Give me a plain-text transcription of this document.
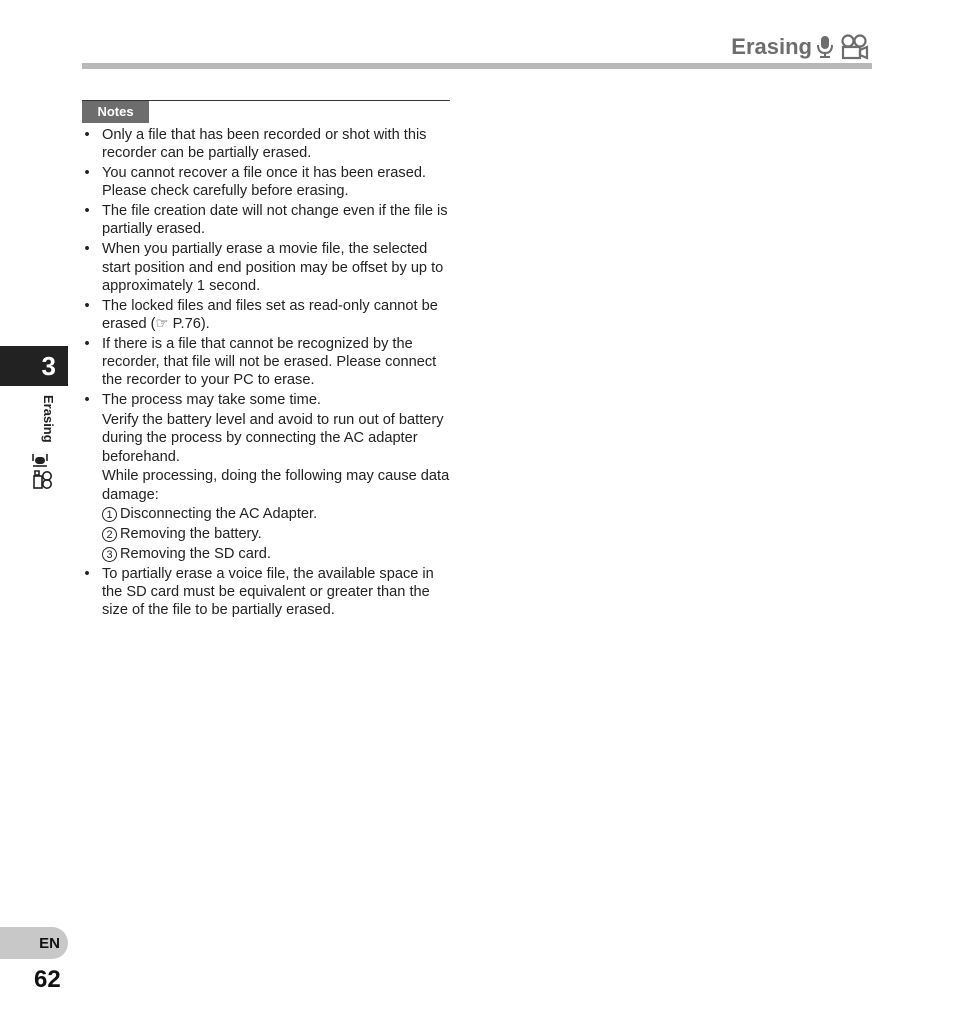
Erasing
Notes
• Only a file that has been recorded or shot with this recorder can be partially erased.
• You cannot recover a file once it has been erased. Please check carefully before erasing.
• The file creation date will not change even if the file is partially erased.
• When you partially erase a movie file, the selected start position and end position may be offset by up to approximately 1 second.
• The locked files and files set as read-only cannot be erased (☞ P.76).
• If there is a file that cannot be recognized by the recorder, that file will not be erased. Please connect the recorder to your PC to erase.
• The process may take some time.
Verify the battery level and avoid to run out of battery during the process by connecting the AC adapter beforehand.
While processing, doing the following may cause data damage:
1 Disconnecting the AC Adapter.
2 Removing the battery.
3 Removing the SD card.
• To partially erase a voice file, the available space in the SD card must be equivalent or greater than the size of the file to be partially erased.
3
Erasing
EN
62
